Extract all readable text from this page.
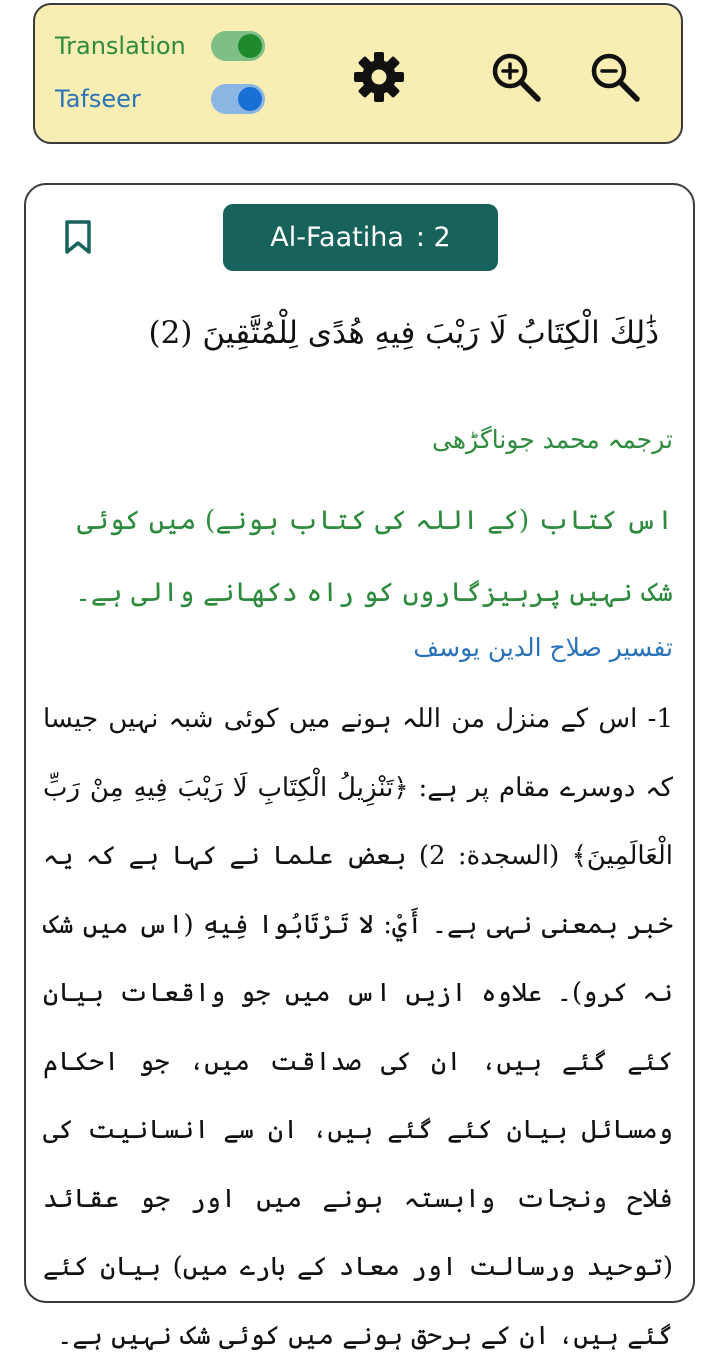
Translation
Tafseer
Al-Faatiha : 2
ذَٰلِكَ الْكِتَابُ لَا رَيْبَ فِيهِ هُدًى لِلْمُتَّقِينَ (2)
ترجمہ محمد جوناگڑھی
اس کتاب (کے اللہ کی کتاب ہونے) میں کوئی شک نہیں پرہیزگاروں کو راه دکھانے والی ہے۔
تفسیر صلاح الدین یوسف
1- اس کے منزل من اللہ ہونے میں کوئی شبہ نہیں جیسا کہ دوسرے مقام پر ہے: ﴿تَنْزِيلُ الْكِتَابِ لَا رَيْبَ فِيهِ مِنْ رَبِّ الْعَالَمِينَ﴾ (السجدة: 2) بعض علما نے کہا ہے کہ یہ خبر بمعنی نہی ہے۔ أَيْ: لا تَرْتَابُوا فِيهِ (اس میں شک نہ کرو)۔ علاوہ ازیں اس میں جو واقعات بیان کئے گئے ہیں، ان کی صداقت میں، جو احکام ومسائل بیان کئے گئے ہیں، ان سے انسانیت کی فلاح ونجات وابستہ ہونے میں اور جو عقائد (توحید ورسالت اور معاد کے بارے میں) بیان کئے گئے ہیں، ان کے برحق ہونے میں کوئی شک نہیں ہے۔
